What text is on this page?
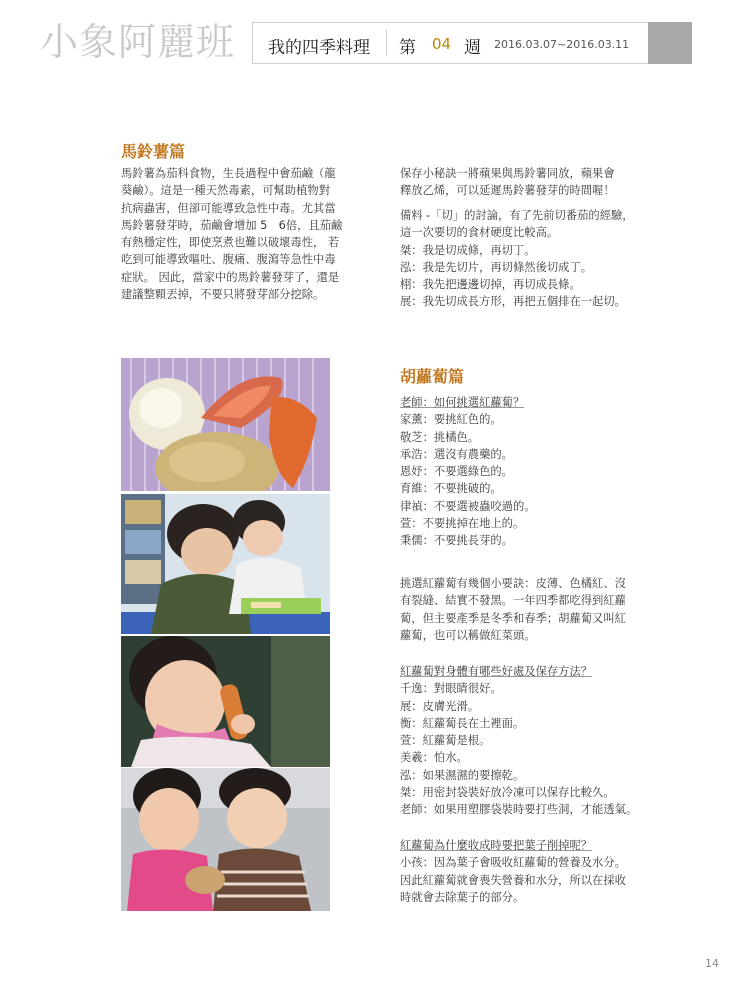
小象阿麗班 我的四季料理 第 04 週 2016.03.07~2016.03.11
馬鈴薯篇
馬鈴薯為茄科食物，生長過程中會茄鹼（龍
葵鹼）。這是一種天然毒素，可幫助植物對
抗病蟲害，但卻可能導致急性中毒。尤其當
馬鈴薯發芽時，茄鹼會增加 5　6倍，且茄鹼
有熱穩定性，即使烹煮也難以破壞毒性， 若
吃到可能導致嘔吐、腹痛、腹瀉等急性中毒
症狀。 因此，當家中的馬鈴薯發芽了，還是
建議整顆丟掉，不要只將發芽部分挖除。
保存小秘訣一將蘋果與馬鈴薯同放，蘋果會
釋放乙烯，可以延遲馬鈴薯發芽的時間喔！
備料 -「切」的討論，有了先前切番茄的經驗，
這一次要切的食材硬度比較高。
桀：我是切成條，再切丁。
泓：我是先切片，再切條然後切成丁。
栩：我先把邊邊切掉，再切成長條。
展：我先切成長方形，再把五個排在一起切。
胡蘿蔔篇
老師：如何挑選紅蘿蔔？
家薰：要挑紅色的。
敬芝：挑橘色。
承浩：選沒有農藥的。
恩妤：不要選綠色的。
育維：不要挑破的。
律禎：不要選被蟲咬過的。
萱：不要挑掉在地上的。
秉儒：不要挑長芽的。
挑選紅蘿蔔有幾個小要訣：皮薄、色橘紅、沒
有裂縫、結實不發黑。一年四季都吃得到紅蘿
蔔，但主要產季是冬季和春季；胡蘿蔔又叫紅
蘿蔔，也可以稱做紅菜頭。
紅蘿蔔對身體有哪些好處及保存方法？
千逸：對眼睛很好。
展：皮膚光滑。
衡：紅蘿蔔長在土裡面。
萱：紅蘿蔔是根。
美羲：怕水。
泓：如果濕濕的要擦乾。
桀：用密封袋裝好放冷凍可以保存比較久。
老師：如果用塑膠袋裝時要打些洞，才能透氣。
紅蘿蔔為什麼收成時要把葉子削掉呢？
小孩：因為葉子會吸收紅蘿蔔的營養及水分。
因此紅蘿蔔就會喪失營養和水分，所以在採收
時就會去除葉子的部分。
14
